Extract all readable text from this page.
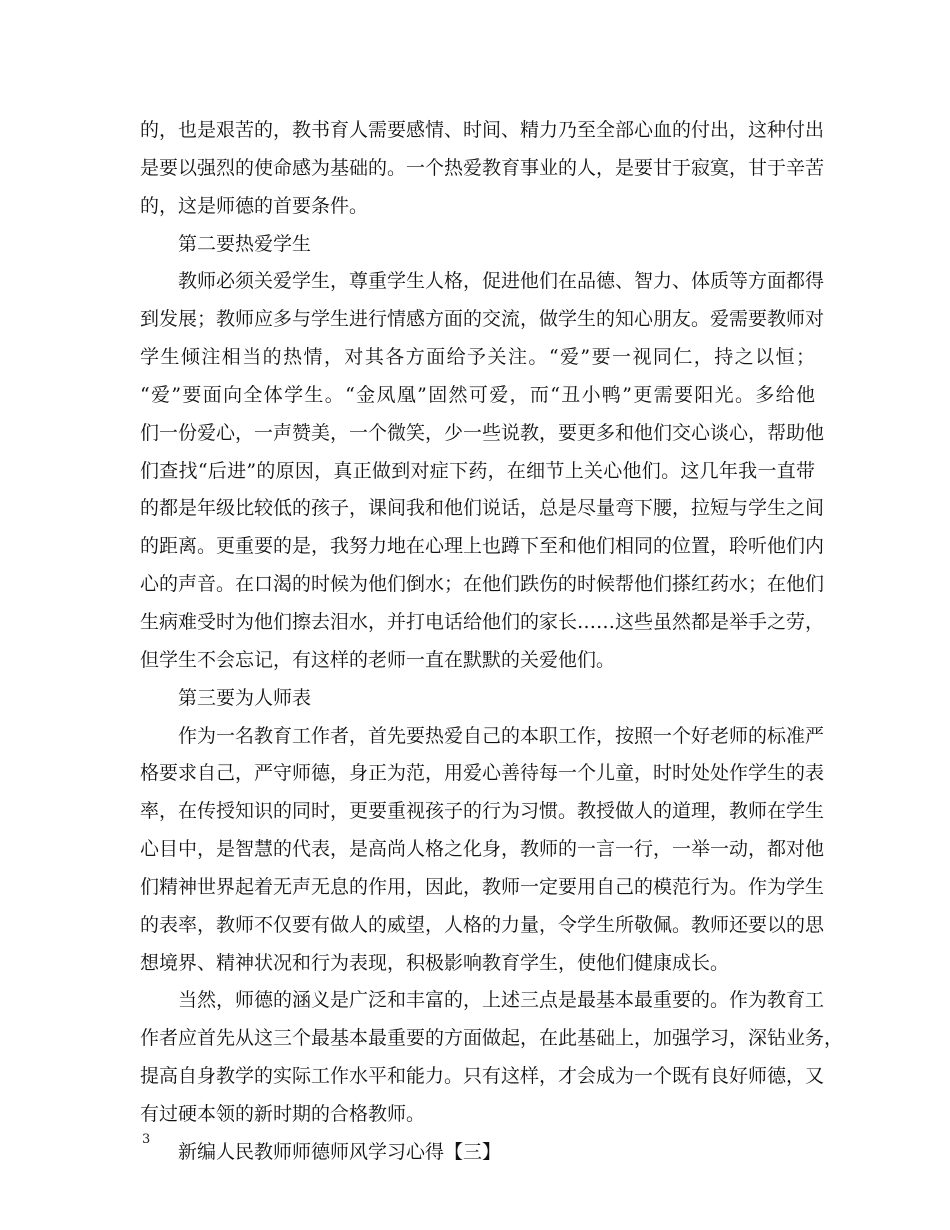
的，也是艰苦的，教书育人需要感情、时间、精力乃至全部心血的付出，这种付出
是要以强烈的使命感为基础的。一个热爱教育事业的人，是要甘于寂寞，甘于辛苦
的，这是师德的首要条件。
第二要热爱学生
教师必须关爱学生，尊重学生人格，促进他们在品德、智力、体质等方面都得
到发展；教师应多与学生进行情感方面的交流，做学生的知心朋友。爱需要教师对
学生倾注相当的热情，对其各方面给予关注。“爱”要一视同仁，持之以恒；
“爱”要面向全体学生。“金凤凰”固然可爱，而“丑小鸭”更需要阳光。多给他
们一份爱心，一声赞美，一个微笑，少一些说教，要更多和他们交心谈心，帮助他
们查找“后进”的原因，真正做到对症下药，在细节上关心他们。这几年我一直带
的都是年级比较低的孩子，课间我和他们说话，总是尽量弯下腰，拉短与学生之间
的距离。更重要的是，我努力地在心理上也蹲下至和他们相同的位置，聆听他们内
心的声音。在口渴的时候为他们倒水；在他们跌伤的时候帮他们搽红药水；在他们
生病难受时为他们擦去泪水，并打电话给他们的家长……这些虽然都是举手之劳，
但学生不会忘记，有这样的老师一直在默默的关爱他们。
第三要为人师表
作为一名教育工作者，首先要热爱自己的本职工作，按照一个好老师的标准严
格要求自己，严守师德，身正为范，用爱心善待每一个儿童，时时处处作学生的表
率，在传授知识的同时，更要重视孩子的行为习惯。教授做人的道理，教师在学生
心目中，是智慧的代表，是高尚人格之化身，教师的一言一行，一举一动，都对他
们精神世界起着无声无息的作用，因此，教师一定要用自己的模范行为。作为学生
的表率，教师不仅要有做人的威望，人格的力量，令学生所敬佩。教师还要以的思
想境界、精神状况和行为表现，积极影响教育学生，使他们健康成长。
当然，师德的涵义是广泛和丰富的，上述三点是最基本最重要的。作为教育工
作者应首先从这三个最基本最重要的方面做起，在此基础上，加强学习，深钻业务，
提高自身教学的实际工作水平和能力。只有这样，才会成为一个既有良好师德，又
有过硬本领的新时期的合格教师。
新编人民教师师德师风学习心得【三】
3
